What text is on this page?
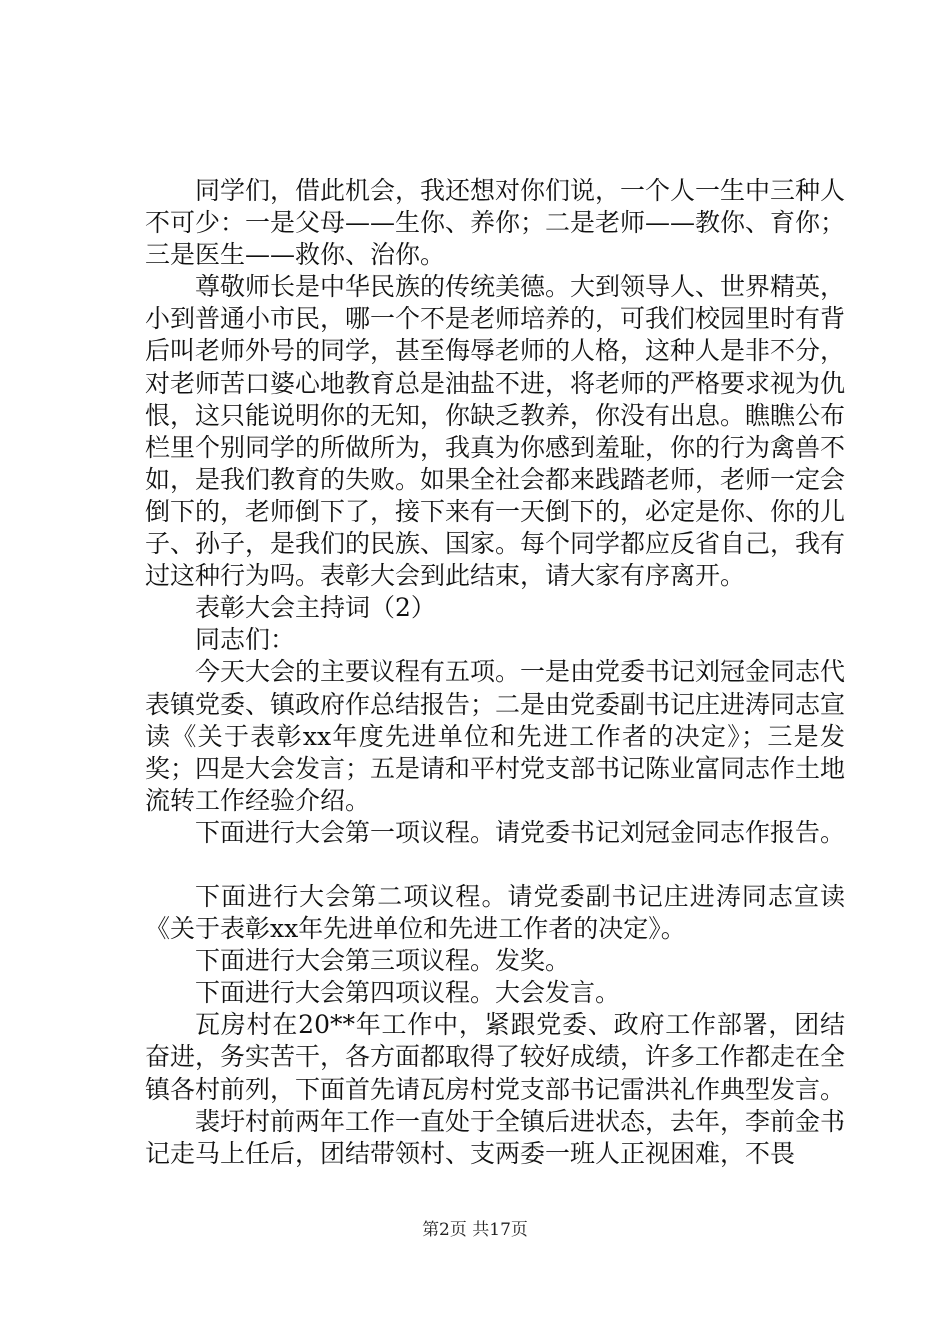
同学们，借此机会，我还想对你们说，一个人一生中三种人不可少：一是父母——生你、养你；二是老师——教你、育你；三是医生——救你、治你。

尊敬师长是中华民族的传统美德。大到领导人、世界精英，小到普通小市民，哪一个不是老师培养的，可我们校园里时有背后叫老师外号的同学，甚至侮辱老师的人格，这种人是非不分，对老师苦口婆心地教育总是油盐不进，将老师的严格要求视为仇恨，这只能说明你的无知，你缺乏教养，你没有出息。瞧瞧公布栏里个别同学的所做所为，我真为你感到羞耻，你的行为禽兽不如，是我们教育的失败。如果全社会都来践踏老师，老师一定会倒下的，老师倒下了，接下来有一天倒下的，必定是你、你的儿子、孙子，是我们的民族、国家。每个同学都应反省自己，我有过这种行为吗。表彰大会到此结束，请大家有序离开。

表彰大会主持词（2）

同志们：

今天大会的主要议程有五项。一是由党委书记刘冠金同志代表镇党委、镇政府作总结报告；二是由党委副书记庄进涛同志宣读《关于表彰xx年度先进单位和先进工作者的决定》；三是发奖；四是大会发言；五是请和平村党支部书记陈业富同志作土地流转工作经验介绍。

下面进行大会第一项议程。请党委书记刘冠金同志作报告。

下面进行大会第二项议程。请党委副书记庄进涛同志宣读《关于表彰xx年先进单位和先进工作者的决定》。

下面进行大会第三项议程。发奖。

下面进行大会第四项议程。大会发言。

瓦房村在20**年工作中，紧跟党委、政府工作部署，团结奋进，务实苦干，各方面都取得了较好成绩，许多工作都走在全镇各村前列，下面首先请瓦房村党支部书记雷洪礼作典型发言。

裴圩村前两年工作一直处于全镇后进状态，去年，李前金书记走马上任后，团结带领村、支两委一班人正视困难，不畏

第2页 共17页
